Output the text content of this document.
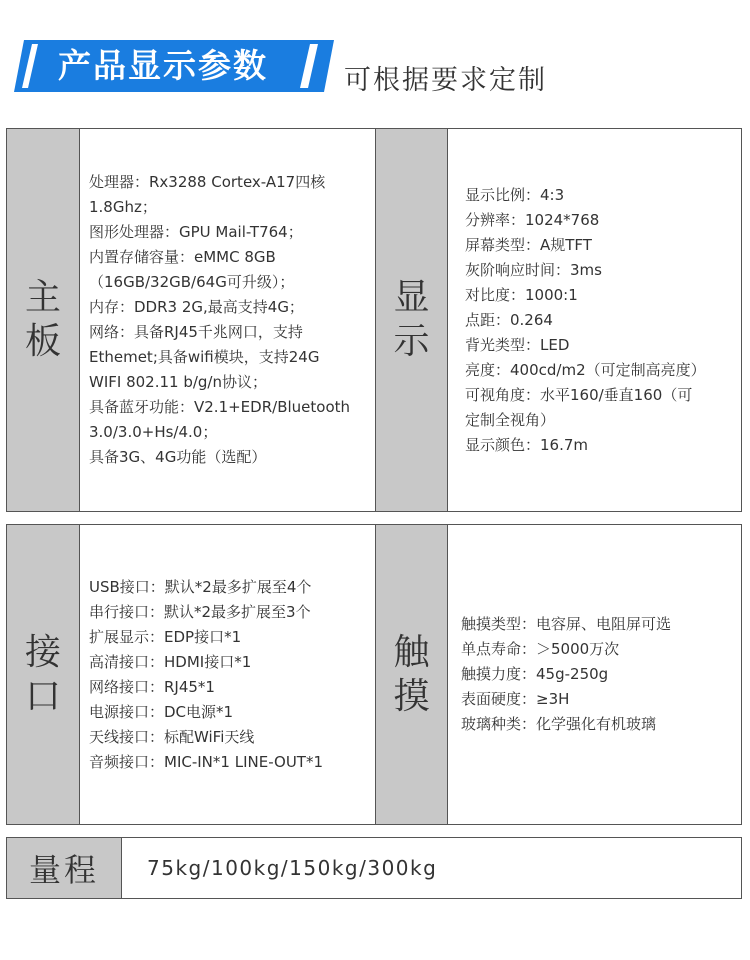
产品显示参数	可根据要求定制
主板
处理器：Rx3288 Cortex-A17四核
1.8Ghz；
图形处理器：GPU Mail-T764；
内置存储容量：eMMC 8GB
（16GB/32GB/64G可升级）；
内存：DDR3 2G,最高支持4G；
网络：具备RJ45千兆网口，支持
Ethemet;具备wifi模块，支持24G
WIFI 802.11 b/g/n协议；
具备蓝牙功能：V2.1+EDR/Bluetooth
3.0/3.0+Hs/4.0；
具备3G、4G功能（选配）
显示
显示比例：4:3
分辨率：1024*768
屏幕类型：A规TFT
灰阶响应时间：3ms
对比度：1000:1
点距：0.264
背光类型：LED
亮度：400cd/m2（可定制高亮度）
可视角度：水平160/垂直160（可
定制全视角）
显示颜色：16.7m
接口
USB接口：默认*2最多扩展至4个
串行接口：默认*2最多扩展至3个
扩展显示：EDP接口*1
高清接口：HDMI接口*1
网络接口：RJ45*1
电源接口：DC电源*1
天线接口：标配WiFi天线
音频接口：MIC-IN*1 LINE-OUT*1
触摸
触摸类型：电容屏、电阻屏可选
单点寿命：＞5000万次
触摸力度：45g-250g
表面硬度：≥3H
玻璃种类：化学强化有机玻璃
量程	75kg/100kg/150kg/300kg
